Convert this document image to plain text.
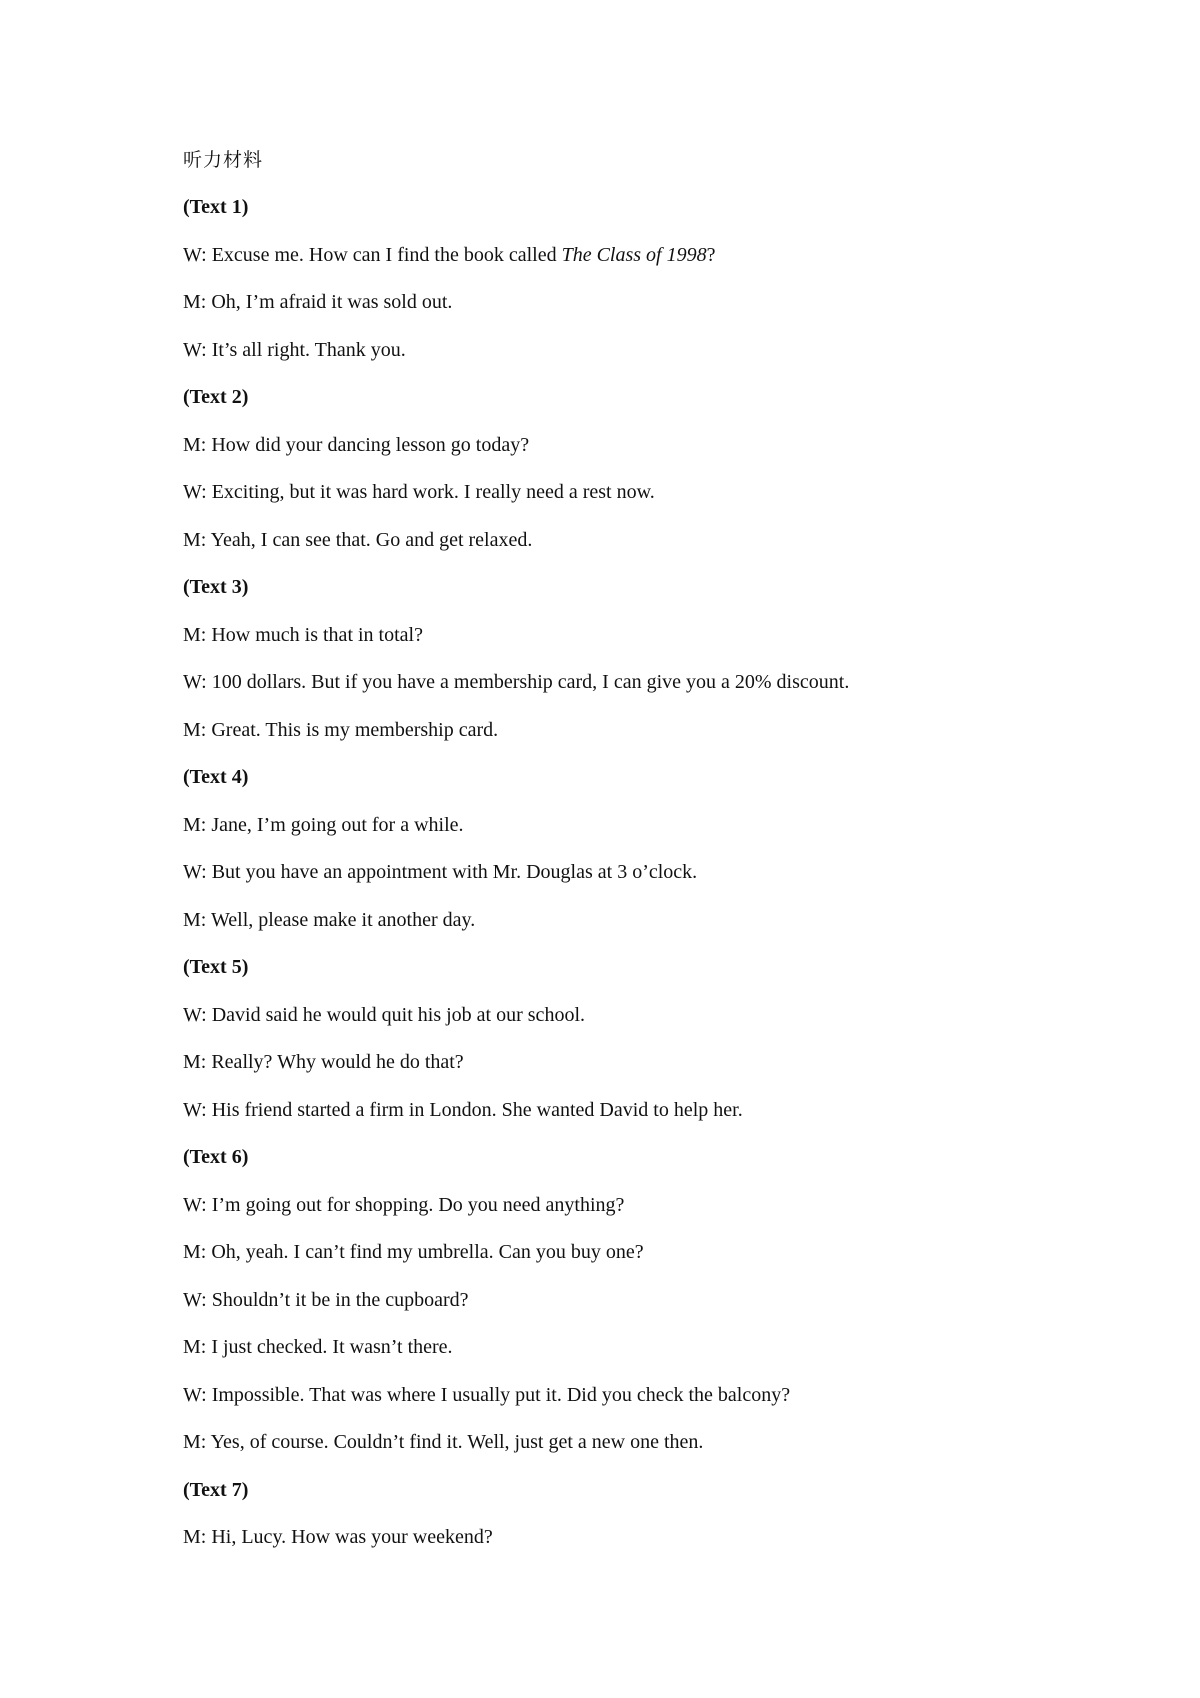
听力材料
(Text 1)
W: Excuse me. How can I find the book called The Class of 1998?
M: Oh, I’m afraid it was sold out.
W: It’s all right. Thank you.
(Text 2)
M: How did your dancing lesson go today?
W: Exciting, but it was hard work. I really need a rest now.
M: Yeah, I can see that. Go and get relaxed.
(Text 3)
M: How much is that in total?
W: 100 dollars. But if you have a membership card, I can give you a 20% discount.
M: Great. This is my membership card.
(Text 4)
M: Jane, I’m going out for a while.
W: But you have an appointment with Mr. Douglas at 3 o’clock.
M: Well, please make it another day.
(Text 5)
W: David said he would quit his job at our school.
M: Really? Why would he do that?
W: His friend started a firm in London. She wanted David to help her.
(Text 6)
W: I’m going out for shopping. Do you need anything?
M: Oh, yeah. I can’t find my umbrella. Can you buy one?
W: Shouldn’t it be in the cupboard?
M: I just checked. It wasn’t there.
W: Impossible. That was where I usually put it. Did you check the balcony?
M: Yes, of course. Couldn’t find it. Well, just get a new one then.
(Text 7)
M: Hi, Lucy. How was your weekend?
